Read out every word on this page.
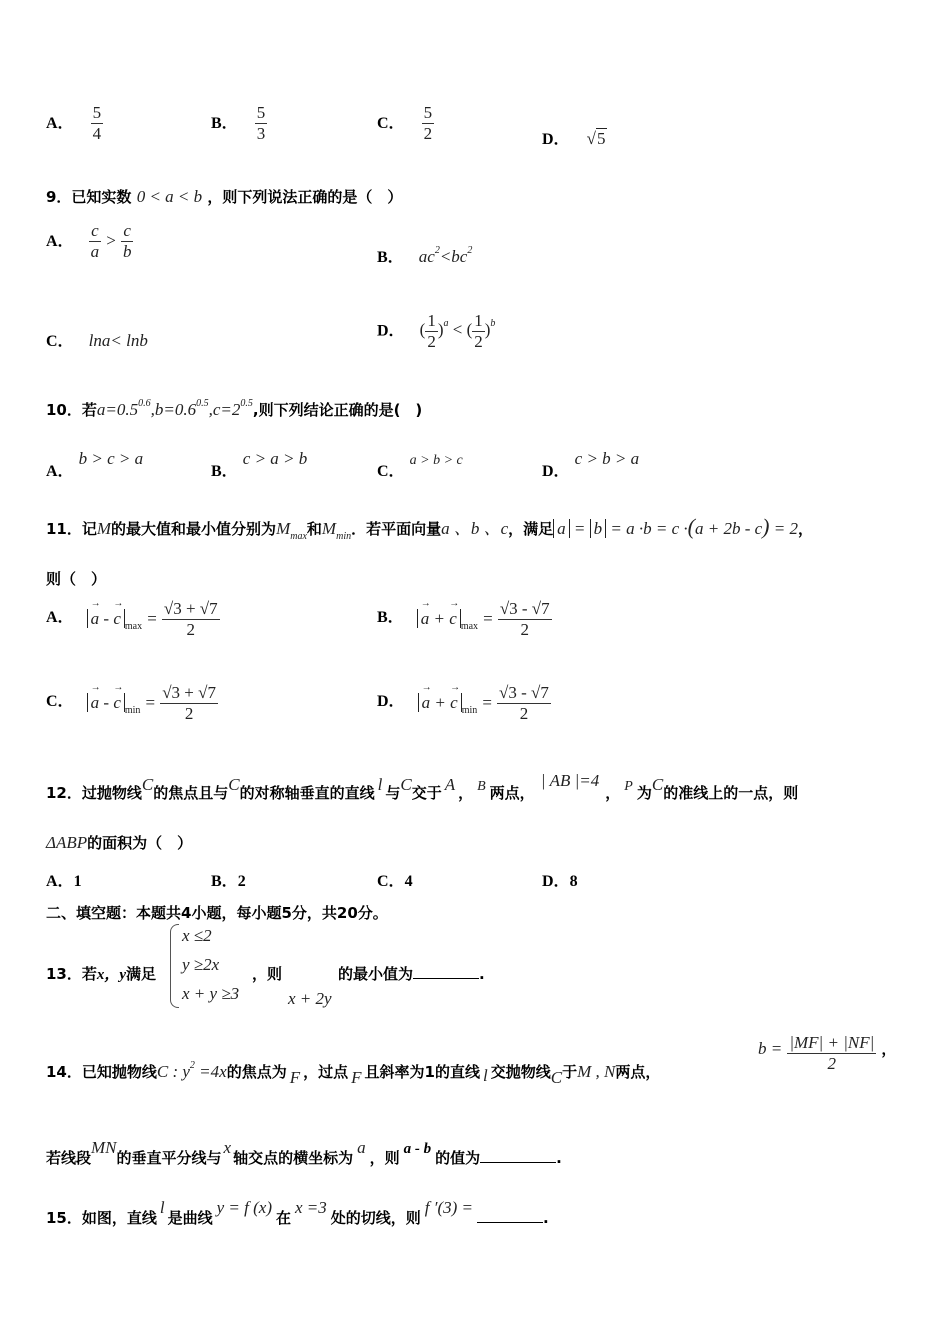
A． $\frac{5}{4}$	B． $\frac{5}{3}$	C． $\frac{5}{2}$	D． √5
9．已知实数 0 < a < b ，则下列说法正确的是（　）
A． $\frac{c}{a} > \frac{c}{b}$	B． $ac^2<bc^2$
C． lna< lnb
D． ( $\frac{1}{2} )^a$ < ( $\frac{1}{2} )^b$
10．若$a=0.5^{0.6},b=0.6^{0.5},c=2^{0.5}$,则下列结论正确的是(　)
A． b > c > a
B． c > a > b
C． a > b > c
D． c > b > a
11．记M的最大值和最小值分别为$M_{max}$和$M_{min}$．若平面向量a 、b 、c，满足 a = b = a ·b = c ·(a + 2b - c) = 2，
则（　）
A． → a - → c $_{max} = \frac{√3 + √7}{2}$	B． → a + → c $_{max} = \frac{√3 - √7}{2}$
C． → a - → c $_{min} = \frac{√3 + √7}{2}$	D． → a + → c $_{min} = \frac{√3 - √7}{2}$
12．过抛物线C的焦点且与C的对称轴垂直的直线 l 与C交于 A ， B 两点，| AB |=4， P 为C的准线上的一点，则
ΔABP的面积为（　）
A．1	B．2	C．4	D．8
二、填空题：本题共4小题，每小题5分，共20分。
13．若x，y满足
x ≤2
y ≥2x
x + y ≥3
，则
x + 2y
的最小值为	.
14．已知抛物线C : $y^2 =4x$的焦点为 F ，过点 F 且斜率为1的直线 l 交抛物线C于M , N两点，
$b = \frac{|MF| + |NF|}{2}$ ，
若线段MN的垂直平分线与x轴交点的横坐标为a，则 a - b 的值为	.
15．如图，直线l是曲线y = f (x)在x =3处的切线，则f ′(3) =.
